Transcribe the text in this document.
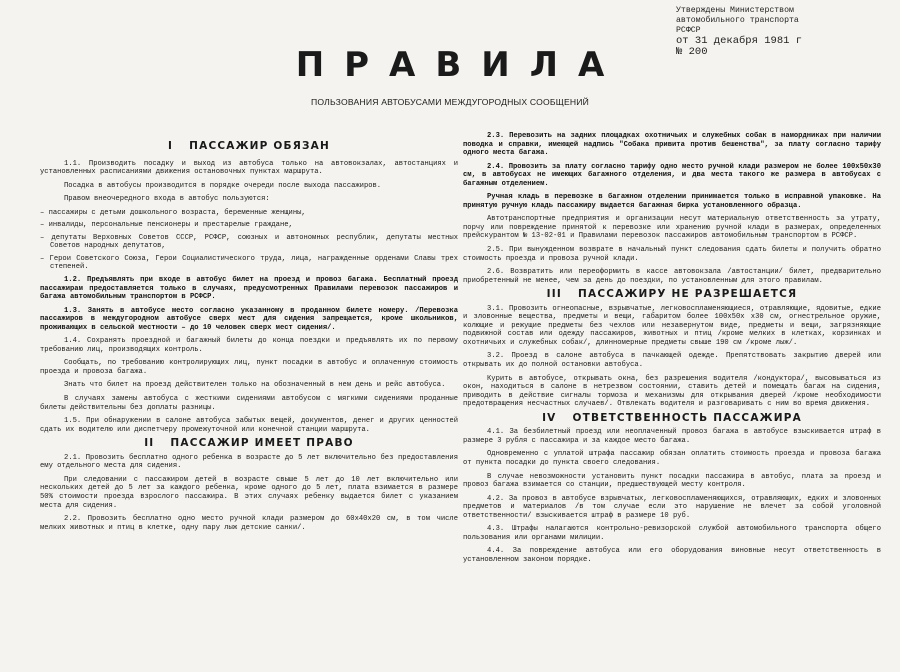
Утверждены Министерством
автомобильного транспорта
РСФСР
от 31 декабря 1981 г
№ 200
ПРАВИЛА
ПОЛЬЗОВАНИЯ АВТОБУСАМИ МЕЖДУГОРОДНЫХ СООБЩЕНИЙ
I ПАССАЖИР ОБЯЗАН

1.1. Производить посадку и выход из автобуса только на автовокзалах, автостанциях и установленных расписаниями движения остановочных пунктах маршрута.

Посадка в автобусы производится в порядке очереди после выхода пассажиров.

Правом внеочередного входа в автобус пользуются:

– пассажиры с детьми дошкольного возраста, беременные женщины,

– инвалиды, персональные пенсионеры и престарелые граждане,

– депутаты Верховных Советов СССР, РСФСР, союзных и автономных республик, депутаты местных Советов народных депутатов,

– Герои Советского Союза, Герои Социалистического труда, лица, награжденные орденами Славы трех степеней.

1.2. Предъявлять при входе в автобус билет на проезд и провоз багажа. Бесплатный проезд пассажирам предоставляется только в случаях, предусмотренных Правилами перевозок пассажиров и багажа автомобильным транспортом в РСФСР.

1.3. Занять в автобусе место согласно указанному в проданном билете номеру. /Перевозка пассажиров в междугородном автобусе сверх мест для сидения запрещается, кроме школьников, проживающих в сельской местности – до 10 человек сверх мест сидения/.

1.4. Сохранять проездной и багажный билеты до конца поездки и предъявлять их по первому требованию лиц, производящих контроль.

Сообщать, по требованию контролирующих лиц, пункт посадки в автобус и оплаченную стоимость проезда и провоза багажа.

Знать что билет на проезд действителен только на обозначенный в нем день и рейс автобуса.

В случаях замены автобуса с жесткими сидениями автобусом с мягкими сидениями проданные билеты действительны без доплаты разницы.

1.5. При обнаружении в салоне автобуса забытых вещей, документов, денег и других ценностей сдать их водителю или диспетчеру промежуточной или конечной станции маршрута.

II ПАССАЖИР ИМЕЕТ ПРАВО

2.1. Провозить бесплатно одного ребенка в возрасте до 5 лет включительно без предоставления ему отдельного места для сидения.

При следовании с пассажиром детей в возрасте свыше 5 лет до 10 лет включительно или нескольких детей до 5 лет за каждого ребенка, кроме одного до 5 лет, плата взимается в размере 50% стоимости проезда взрослого пассажира. В этих случаях ребенку выдается билет с указанием места для сидения.

2.2. Провозить бесплатно одно место ручной клади размером до 60х40х20 см, в том числе мелких животных и птиц в клетке, одну пару лыж детские санки/.

2.3. Перевозить на задних площадках охотничьих и служебных собак в намордниках при наличии поводка и справки, имеющей надпись "Собака привита против бешенства", за плату согласно тарифу одного места багажа.

2.4. Провозить за плату согласно тарифу одно место ручной клади размером не более 100х50х30 см, в автобусах не имеющих багажного отделения, и два места такого же размера в автобусах с багажным отделением.

Ручная кладь в перевозке в багажном отделении принимается только в исправной упаковке. На принятую ручную кладь пассажиру выдается багажная бирка установленного образца.

Автотранспортные предприятия и организации несут материальную ответственность за утрату, порчу или повреждение принятой к перевозке или хранению ручной клади в размерах, определенных прейскурантом № 13-02-01 и Правилами перевозок пассажиров автомобильным транспортом в РСФСР.

2.5. При вынужденном возврате в начальный пункт следования сдать билеты и получить обратно стоимость проезда и провоза ручной клади.

2.6. Возвратить или переоформить в кассе автовокзала /автостанции/ билет, предварительно приобретенный не менее, чем за день до поездки, по установленным для этого правилам.

III ПАССАЖИРУ НЕ РАЗРЕШАЕТСЯ

3.1. Провозить огнеопасные, взрывчатые, легковоспламеняющиеся, отравляющие, ядовитые, едкие и зловонные вещества, предметы и вещи, габаритом более 100х50х х30 см, огнестрельное оружие, колющие и режущие предметы без чехлов или незавернутом виде, предметы и вещи, загрязняющие подвижной состав или одежду пассажиров, животных и птиц /кроме мелких в клетках, корзинках и охотничьих и служебных собак/, длинномерные предметы свыше 190 см /кроме лыж/.

3.2. Проезд в салоне автобуса в пачкающей одежде. Препятствовать закрытию дверей или открывать их до полной остановки автобуса.

Курить в автобусе, открывать окна, без разрешения водителя /кондуктора/, высовываться из окон, находиться в салоне в нетрезвом состоянии, ставить детей и помещать багаж на сидения, приводить в действие сигналы тормоза и механизмы для открывания дверей /кроме необходимости предотвращения несчастных случаев/. Отвлекать водителя и разговаривать с ним во время движения.

IV ОТВЕТСТВЕННОСТЬ ПАССАЖИРА

4.1. За безбилетный проезд или неоплаченный провоз багажа в автобусе взыскивается штраф в размере 3 рубля с пассажира и за каждое место багажа.

Одновременно с уплатой штрафа пассажир обязан оплатить стоимость проезда и провоза багажа от пункта посадки до пункта своего следования.

В случае невозможности установить пункт посадки пассажира в автобус, плата за проезд и провоз багажа взимается со станции, предшествующей месту контроля.

4.2. За провоз в автобусе взрывчатых, легковоспламеняющихся, отравляющих, едких и зловонных предметов и материалов /в том случае если это нарушение не влечет за собой уголовной ответственности/ взыскивается штраф в размере 10 руб.

4.3. Штрафы налагаются контрольно-ревизорской службой автомобильного транспорта общего пользования или органами милиции.

4.4. За повреждение автобуса или его оборудования виновные несут ответственность в установленном законом порядке.
